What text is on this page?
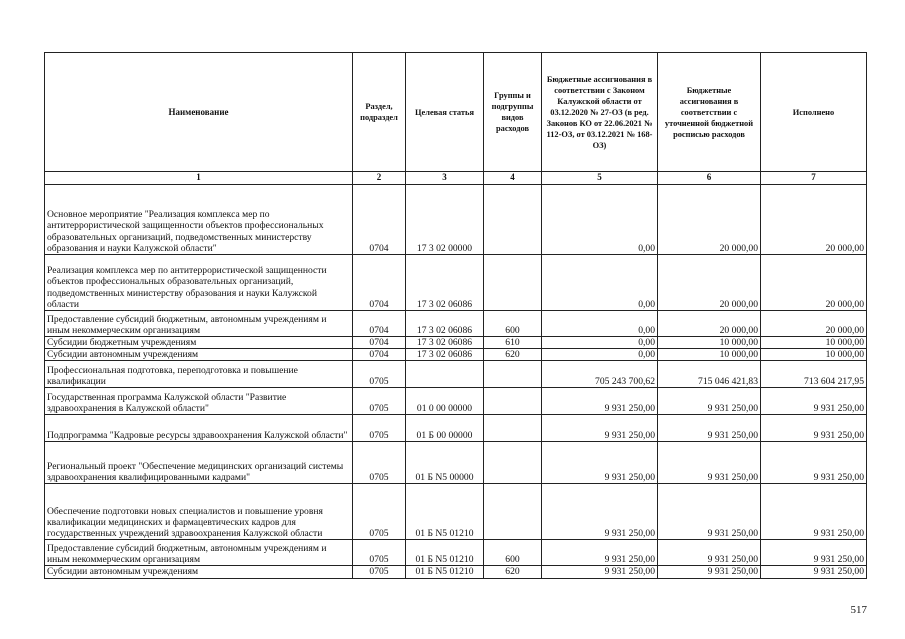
Наименование	Раздел, подраздел	Целевая статья	Группы и подгруппы видов расходов	Бюджетные ассигнования в соответствии с Законом Калужской области от 03.12.2020 № 27-ОЗ (в ред. Законов КО от 22.06.2021 № 112-ОЗ, от 03.12.2021 № 168-ОЗ)	Бюджетные ассигнования в соответствии с уточненной бюджетной росписью расходов	Исполнено
1	2	3	4	5	6	7
Основное мероприятие "Реализация комплекса мер по антитеррористической защищенности объектов профессиональных образовательных организаций, подведомственных министерству образования и науки Калужской области"	0704	17 3 02 00000		0,00	20 000,00	20 000,00
Реализация комплекса мер по антитеррористической защищенности объектов профессиональных образовательных организаций, подведомственных министерству образования и науки Калужской области	0704	17 3 02 06086		0,00	20 000,00	20 000,00
Предоставление субсидий бюджетным, автономным учреждениям и иным некоммерческим организациям	0704	17 3 02 06086	600	0,00	20 000,00	20 000,00
Субсидии бюджетным учреждениям	0704	17 3 02 06086	610	0,00	10 000,00	10 000,00
Субсидии автономным учреждениям	0704	17 3 02 06086	620	0,00	10 000,00	10 000,00
Профессиональная подготовка, переподготовка и повышение квалификации	0705			705 243 700,62	715 046 421,83	713 604 217,95
Государственная программа Калужской области "Развитие здравоохранения в Калужской области"	0705	01 0 00 00000		9 931 250,00	9 931 250,00	9 931 250,00
Подпрограмма "Кадровые ресурсы здравоохранения Калужской области"	0705	01 Б 00 00000		9 931 250,00	9 931 250,00	9 931 250,00
Региональный проект "Обеспечение медицинских организаций системы здравоохранения квалифицированными кадрами"	0705	01 Б N5 00000		9 931 250,00	9 931 250,00	9 931 250,00
Обеспечение подготовки новых специалистов и повышение уровня квалификации медицинских и фармацевтических кадров для государственных учреждений здравоохранения Калужской области	0705	01 Б N5 01210		9 931 250,00	9 931 250,00	9 931 250,00
Предоставление субсидий бюджетным, автономным учреждениям и иным некоммерческим организациям	0705	01 Б N5 01210	600	9 931 250,00	9 931 250,00	9 931 250,00
Субсидии автономным учреждениям	0705	01 Б N5 01210	620	9 931 250,00	9 931 250,00	9 931 250,00
517
